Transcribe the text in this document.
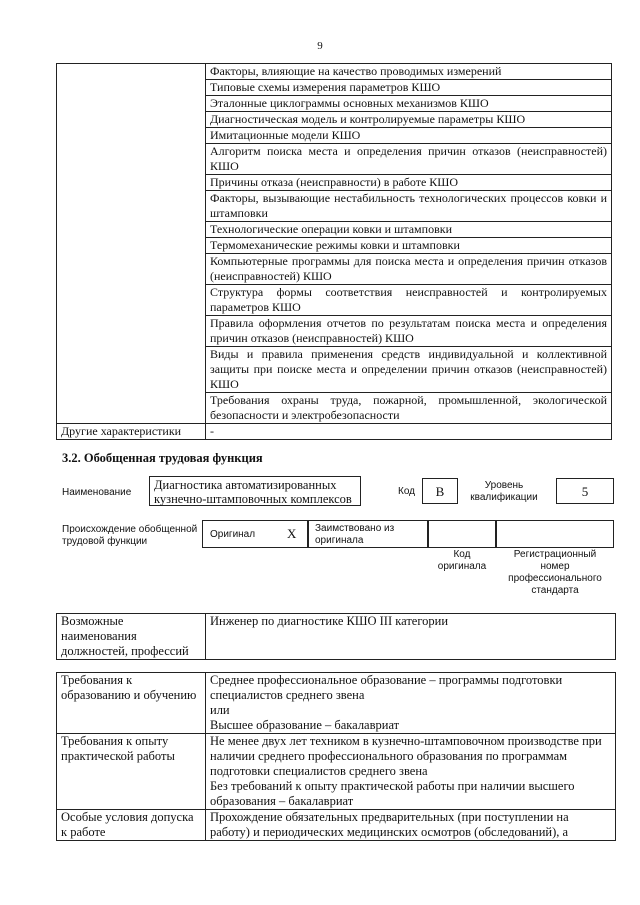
9
	Факторы, влияющие на качество проводимых измерений
	Типовые схемы измерения параметров КШО
	Эталонные циклограммы основных механизмов КШО
	Диагностическая модель и контролируемые параметры КШО
	Имитационные модели КШО
	Алгоритм поиска места и определения причин отказов (неисправностей) КШО
	Причины отказа (неисправности) в работе КШО
	Факторы, вызывающие нестабильность технологических процессов ковки и штамповки
	Технологические операции ковки и штамповки
	Термомеханические режимы ковки и штамповки
	Компьютерные программы для поиска места и определения причин отказов (неисправностей) КШО
	Структура формы соответствия неисправностей и контролируемых параметров КШО
	Правила оформления отчетов по результатам поиска места и определения причин отказов (неисправностей) КШО
	Виды и правила применения средств индивидуальной и коллективной защиты при поиске места и определении причин отказов (неисправностей) КШО
	Требования охраны труда, пожарной, промышленной, экологической безопасности и электробезопасности
Другие характеристики	-
3.2. Обобщенная трудовая функция
Наименование
Диагностика автоматизированных кузнечно-штамповочных комплексов
Код	B	Уровень квалификации	5
Происхождение обобщенной трудовой функции
Оригинал X Заимствовано из оригинала
Код оригинала
Регистрационный номер профессионального стандарта
Возможные наименования должностей, профессий	Инженер по диагностике КШО III категории
Требования к образованию и обучению	Среднее профессиональное образование – программы подготовки специалистов среднего звена
или
Высшее образование – бакалавриат

Требования к опыту практической работы	Не менее двух лет техником в кузнечно-штамповочном производстве при наличии среднего профессионального образования по программам подготовки специалистов среднего звена
Без требований к опыту практической работы при наличии высшего образования – бакалавриат

Особые условия допуска к работе	Прохождение обязательных предварительных (при поступлении на работу) и периодических медицинских осмотров (обследований), а
